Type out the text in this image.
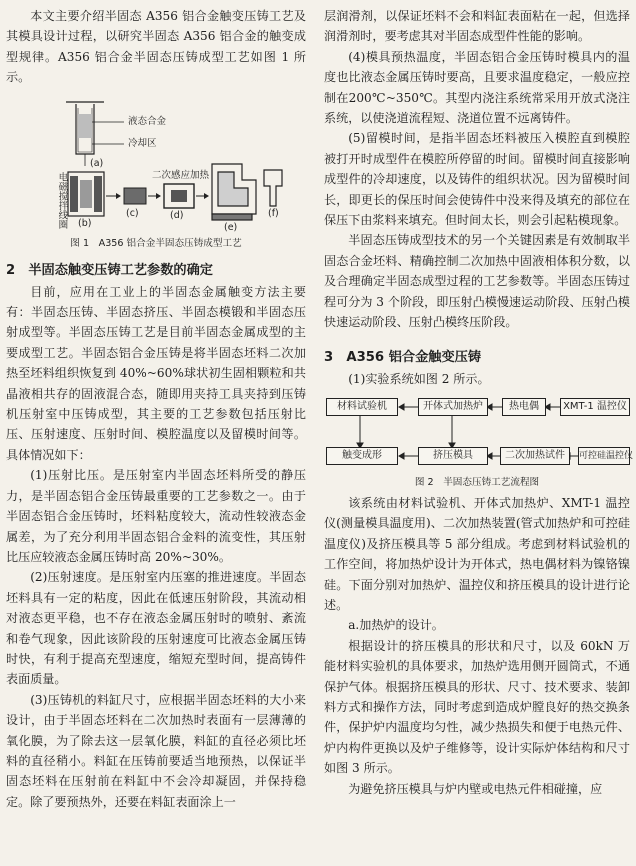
本文主要介绍半固态 A356 铝合金触变压铸工艺及其模具设计过程，以研究半固态 A356 铝合金的触变成型规律。A356 铝合金半固态压铸成型工艺如图 1 所示。

液态合金
冷却区
(a)
电磁搅拌线圈	二次感应加热
(b)
(c)	(d)
(e)
(f)
图 1　A356 铝合金半固态压铸成型工艺

2　半固态触变压铸工艺参数的确定

目前，应用在工业上的半固态金属触变方法主要有：半固态压铸、半固态挤压、半固态模锻和半固态压射成型等。半固态压铸工艺是目前半固态金属成型的主要成型工艺。半固态铝合金压铸是将半固态坯料二次加热至坯料组织恢复到 40%~60%球状初生固相颗粒和共晶液相共存的固液混合态，随即用夹持工具夹持到压铸机压射室中压铸成型，其主要的工艺参数包括压射比压、压射速度、压射时间、模腔温度以及留模时间等。具体情况如下：

(1)压射比压。是压射室内半固态坯料所受的静压力，是半固态铝合金压铸最重要的工艺参数之一。由于半固态铝合金压铸时，坯料粘度较大，流动性较液态金属差，为了充分利用半固态铝合金料的流变性，其压射比压应较液态金属压铸时高 20%~30%。

(2)压射速度。是压射室内压塞的推进速度。半固态坯料具有一定的粘度，因此在低速压射阶段，其流动相对液态更平稳，也不存在液态金属压射时的喷射、紊流和卷气现象，因此该阶段的压射速度可比液态金属压铸时快，有利于提高充型速度，缩短充型时间，提高铸件表面质量。

(3)压铸机的料缸尺寸，应根据半固态坯料的大小来设计，由于半固态坯料在二次加热时表面有一层薄薄的氧化膜，为了除去这一层氧化膜，料缸的直径必须比坯料的直径稍小。料缸在压铸前要适当地预热，以保证半固态坯料在压射前在料缸中不会冷却凝固，并保持稳定。除了要预热外，还要在料缸表面涂上一

层润滑剂，以保证坯料不会和料缸表面粘在一起，但选择润滑剂时，要考虑其对半固态成型件性能的影响。

(4)模具预热温度，半固态铝合金压铸时模具内的温度也比液态金属压铸时要高，且要求温度稳定，一般应控制在200℃~350℃。其型内浇注系统常采用开放式浇注系统，以使浇道流程短、浇道位置不远离铸件。

(5)留模时间，是指半固态坯料被压入模腔直到模腔被打开时成型件在模腔所停留的时间。留模时间直接影响成型件的冷却速度，以及铸件的组织状况。因为留模时间长，即更长的保压时间会使铸件中没来得及填充的部位在保压下由浆料来填充。但时间太长，则会引起粘模现象。

半固态压铸成型技术的另一个关键因素是有效制取半固态合金坯料、精确控制二次加热中固液相体积分数，以及合理确定半固态成型过程的工艺参数等。半固态压铸过程可分为 3 个阶段，即压射凸模慢速运动阶段、压射凸模快速运动阶段、压射凸模终压阶段。

3　A356 铝合金触变压铸

(1)实验系统如图 2 所示。

材料试验机	开体式加热炉	热电偶	XMT-1 温控仪
触变成形	挤压模具	二次加热试件	可控硅温控仪
图 2　半固态压铸工艺流程图

该系统由材料试验机、开体式加热炉、XMT-1 温控仪(测量模具温度用)、二次加热装置(管式加热炉和可控硅温度仪)及挤压模具等 5 部分组成。考虑到材料试验机的工作空间，将加热炉设计为开体式，热电偶材料为镍铬镍硅。下面分别对加热炉、温控仪和挤压模具的设计进行论述。

a.加热炉的设计。

根据设计的挤压模具的形状和尺寸，以及 60kN 万能材料实验机的具体要求，加热炉选用侧开圆筒式，不通保护气体。根据挤压模具的形状、尺寸、技术要求、装卸料方式和操作方法，同时考虑到造成炉膛良好的热交换条件，保护炉内温度均匀性，减少热损失和便于电热元件、炉内构件更换以及炉子维修等，设计实际炉体结构和尺寸如图 3 所示。

为避免挤压模具与炉内壁或电热元件相碰撞，应
